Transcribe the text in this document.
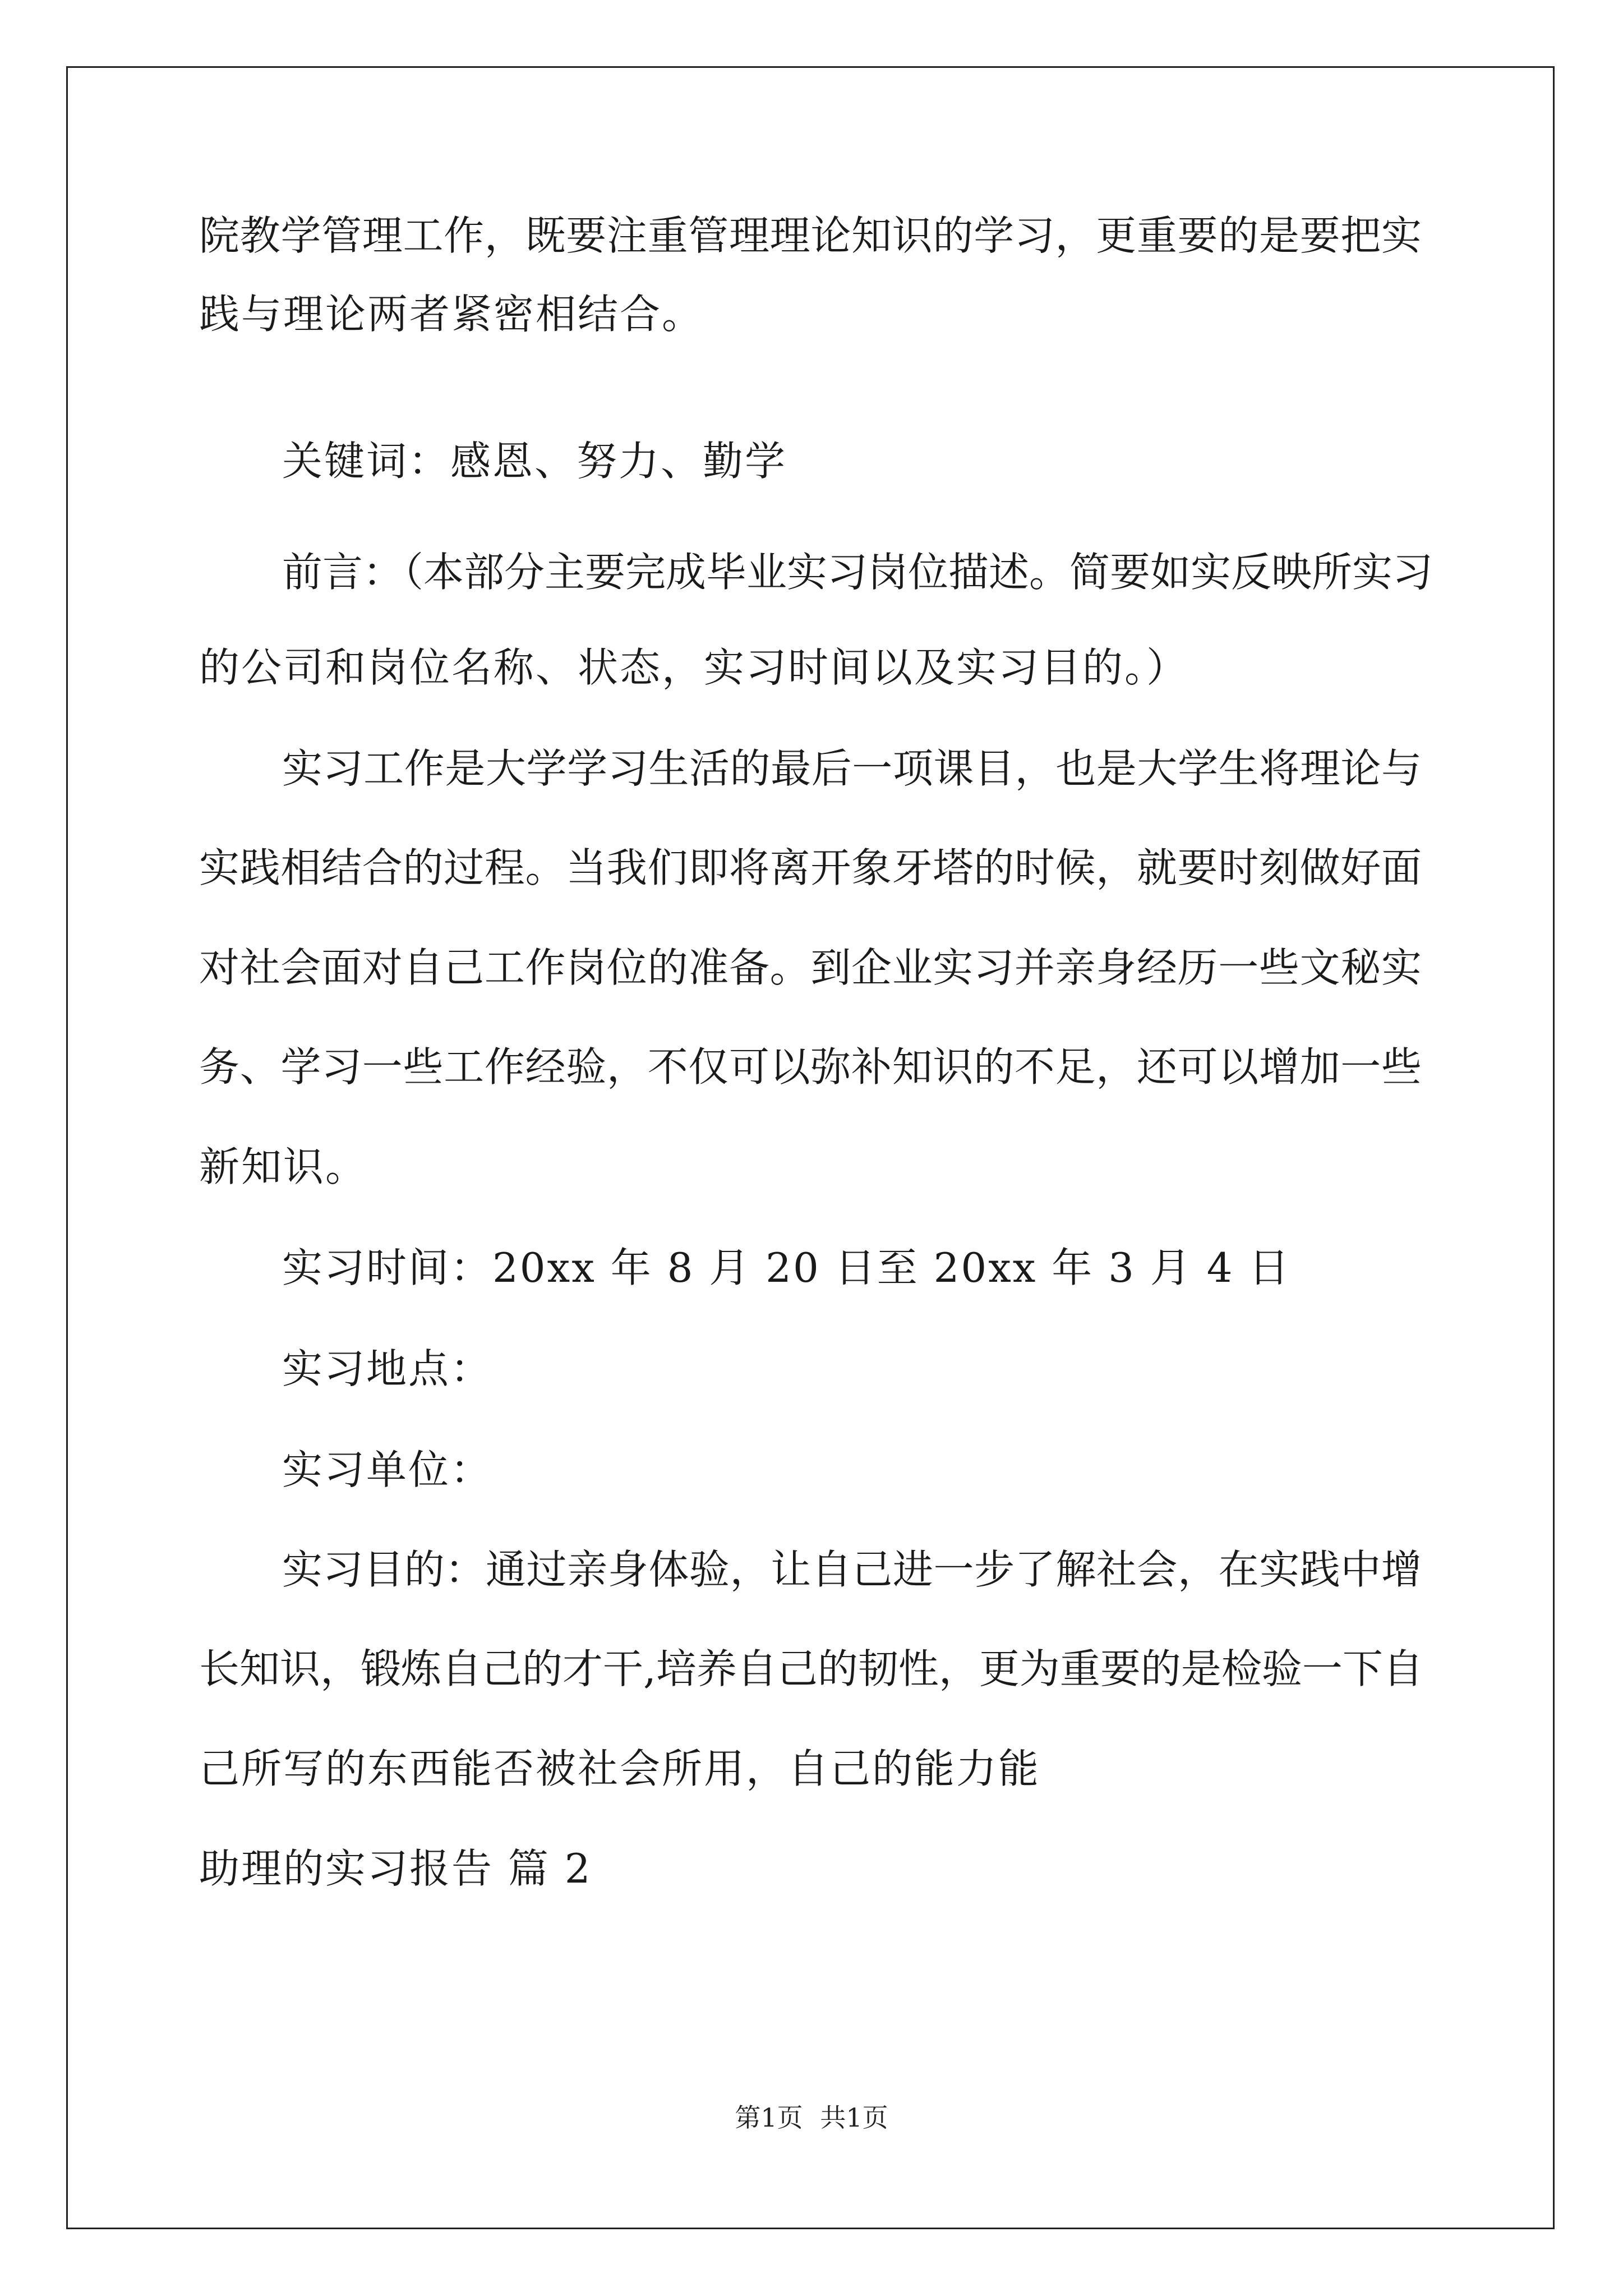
院教学管理工作，既要注重管理理论知识的学习，更重要的是要把实
践与理论两者紧密相结合。
关键词：感恩、努力、勤学
前言：（本部分主要完成毕业实习岗位描述。简要如实反映所实习
的公司和岗位名称、状态，实习时间以及实习目的。）
实习工作是大学学习生活的最后一项课目，也是大学生将理论与
实践相结合的过程。当我们即将离开象牙塔的时候，就要时刻做好面
对社会面对自己工作岗位的准备。到企业实习并亲身经历一些文秘实
务、学习一些工作经验，不仅可以弥补知识的不足，还可以增加一些
新知识。
实习时间：20xx 年 8 月 20 日至 20xx 年 3 月 4 日
实习地点：
实习单位：
实习目的：通过亲身体验，让自己进一步了解社会，在实践中增
长知识，锻炼自己的才干,培养自己的韧性，更为重要的是检验一下自
己所写的东西能否被社会所用，自己的能力能
助理的实习报告 篇 2
第1页 共1页
